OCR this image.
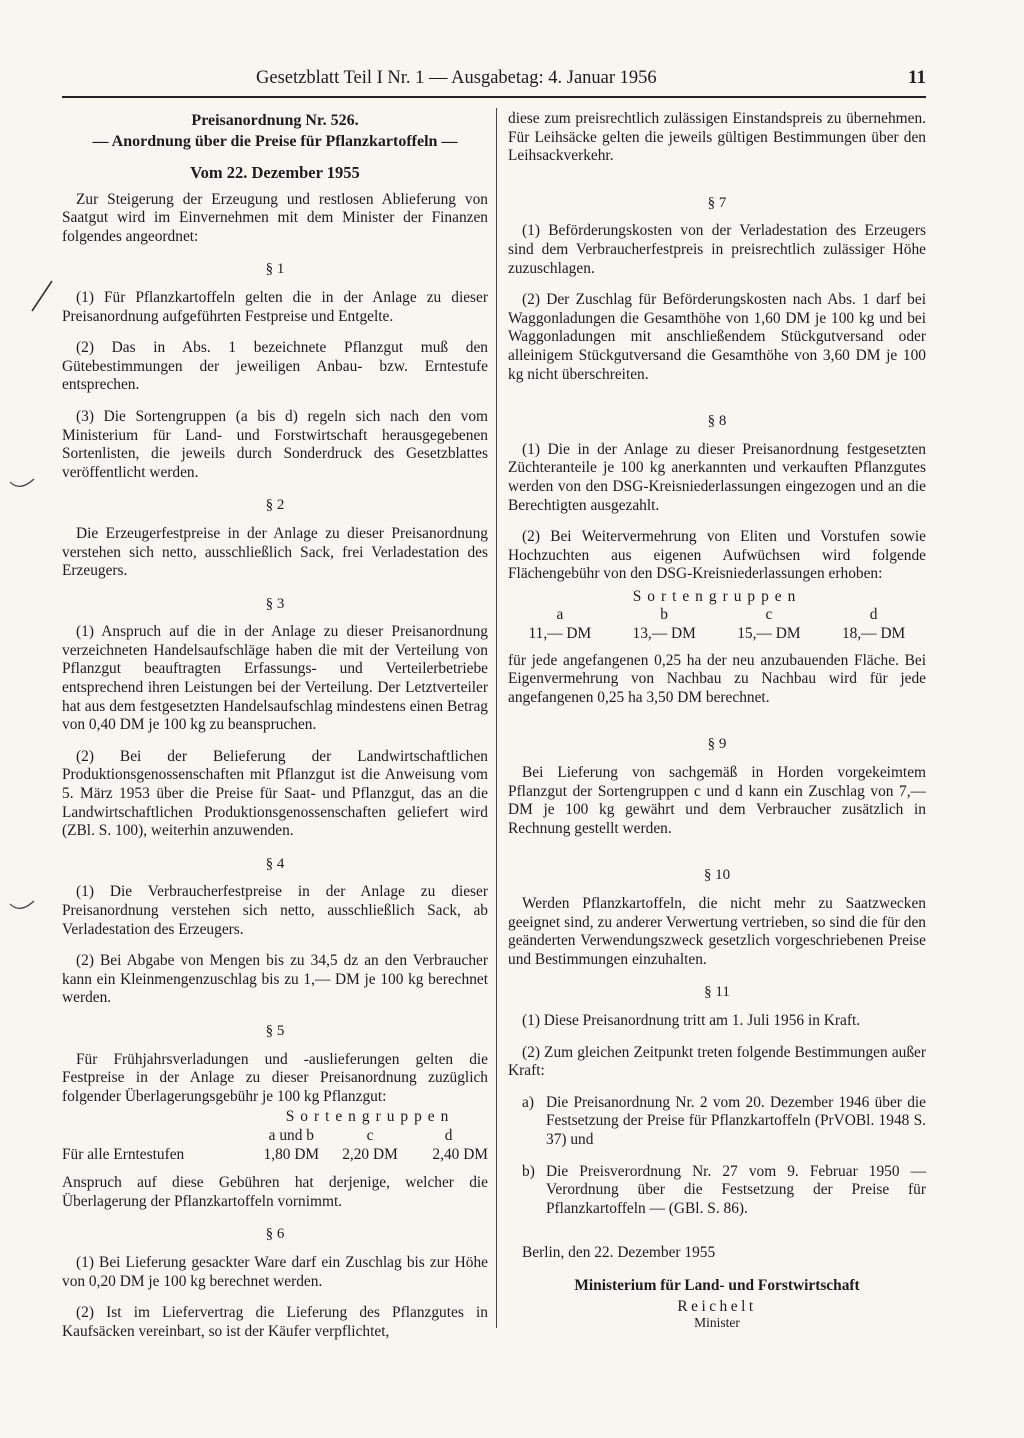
Gesetzblatt Teil I Nr. 1 — Ausgabetag: 4. Januar 1956	11
Preisanordnung Nr. 526.
— Anordnung über die Preise für Pflanzkartoffeln —
Vom 22. Dezember 1955

Zur Steigerung der Erzeugung und restlosen Ablieferung von Saatgut wird im Einvernehmen mit dem Minister der Finanzen folgendes angeordnet:

§ 1

(1) Für Pflanzkartoffeln gelten die in der Anlage zu dieser Preisanordnung aufgeführten Festpreise und Entgelte.

(2) Das in Abs. 1 bezeichnete Pflanzgut muß den Gütebestimmungen der jeweiligen Anbau- bzw. Erntestufe entsprechen.

(3) Die Sortengruppen (a bis d) regeln sich nach den vom Ministerium für Land- und Forstwirtschaft herausgegebenen Sortenlisten, die jeweils durch Sonderdruck des Gesetzblattes veröffentlicht werden.

§ 2

Die Erzeugerfestpreise in der Anlage zu dieser Preisanordnung verstehen sich netto, ausschließlich Sack, frei Verladestation des Erzeugers.

§ 3

(1) Anspruch auf die in der Anlage zu dieser Preisanordnung verzeichneten Handelsaufschläge haben die mit der Verteilung von Pflanzgut beauftragten Erfassungs- und Verteilerbetriebe entsprechend ihren Leistungen bei der Verteilung. Der Letztverteiler hat aus dem festgesetzten Handelsaufschlag mindestens einen Betrag von 0,40 DM je 100 kg zu beanspruchen.

(2) Bei der Belieferung der Landwirtschaftlichen Produktionsgenossenschaften mit Pflanzgut ist die Anweisung vom 5. März 1953 über die Preise für Saat- und Pflanzgut, das an die Landwirtschaftlichen Produktionsgenossenschaften geliefert wird (ZBl. S. 100), weiterhin anzuwenden.

§ 4

(1) Die Verbraucherfestpreise in der Anlage zu dieser Preisanordnung verstehen sich netto, ausschließlich Sack, ab Verladestation des Erzeugers.

(2) Bei Abgabe von Mengen bis zu 34,5 dz an den Verbraucher kann ein Kleinmengenzuschlag bis zu 1,— DM je 100 kg berechnet werden.

§ 5

Für Frühjahrsverladungen und -auslieferungen gelten die Festpreise in der Anlage zu dieser Preisanordnung zuzüglich folgender Überlagerungsgebühr je 100 kg Pflanzgut:

	Sortengruppen		
	a und b	c	d
Für alle Erntestufen	1,80 DM	2,20 DM	2,40 DM

Anspruch auf diese Gebühren hat derjenige, welcher die Überlagerung der Pflanzkartoffeln vornimmt.

§ 6

(1) Bei Lieferung gesackter Ware darf ein Zuschlag bis zur Höhe von 0,20 DM je 100 kg berechnet werden.

(2) Ist im Liefervertrag die Lieferung des Pflanzgutes in Kaufsäcken vereinbart, so ist der Käufer verpflichtet,

diese zum preisrechtlich zulässigen Einstandspreis zu übernehmen. Für Leihsäcke gelten die jeweils gültigen Bestimmungen über den Leihsackverkehr.

§ 7

(1) Beförderungskosten von der Verladestation des Erzeugers sind dem Verbraucherfestpreis in preisrechtlich zulässiger Höhe zuzuschlagen.

(2) Der Zuschlag für Beförderungskosten nach Abs. 1 darf bei Waggonladungen die Gesamthöhe von 1,60 DM je 100 kg und bei Waggonladungen mit anschließendem Stückgutversand oder alleinigem Stückgutversand die Gesamthöhe von 3,60 DM je 100 kg nicht überschreiten.

§ 8

(1) Die in der Anlage zu dieser Preisanordnung festgesetzten Züchteranteile je 100 kg anerkannten und verkauften Pflanzgutes werden von den DSG-Kreisniederlassungen eingezogen und an die Berechtigten ausgezahlt.

(2) Bei Weitervermehrung von Eliten und Vorstufen sowie Hochzuchten aus eigenen Aufwüchsen wird folgende Flächengebühr von den DSG-Kreisniederlassungen erhoben:

Sortengruppen			
a	b	c	d
11,— DM	13,— DM	15,— DM	18,— DM

für jede angefangenen 0,25 ha der neu anzubauenden Fläche. Bei Eigenvermehrung von Nachbau zu Nachbau wird für jede angefangenen 0,25 ha 3,50 DM berechnet.

§ 9

Bei Lieferung von sachgemäß in Horden vorgekeimtem Pflanzgut der Sortengruppen c und d kann ein Zuschlag von 7,— DM je 100 kg gewährt und dem Verbraucher zusätzlich in Rechnung gestellt werden.

§ 10

Werden Pflanzkartoffeln, die nicht mehr zu Saatzwecken geeignet sind, zu anderer Verwertung vertrieben, so sind die für den geänderten Verwendungszweck gesetzlich vorgeschriebenen Preise und Bestimmungen einzuhalten.

§ 11

(1) Diese Preisanordnung tritt am 1. Juli 1956 in Kraft.

(2) Zum gleichen Zeitpunkt treten folgende Bestimmungen außer Kraft:

a) Die Preisanordnung Nr. 2 vom 20. Dezember 1946 über die Festsetzung der Preise für Pflanzkartoffeln (PrVOBl. 1948 S. 37) und
b) Die Preisverordnung Nr. 27 vom 9. Februar 1950 — Verordnung über die Festsetzung der Preise für Pflanzkartoffeln — (GBl. S. 86).
Berlin, den 22. Dezember 1955
Ministerium für Land- und Forstwirtschaft
Reichelt
Minister
